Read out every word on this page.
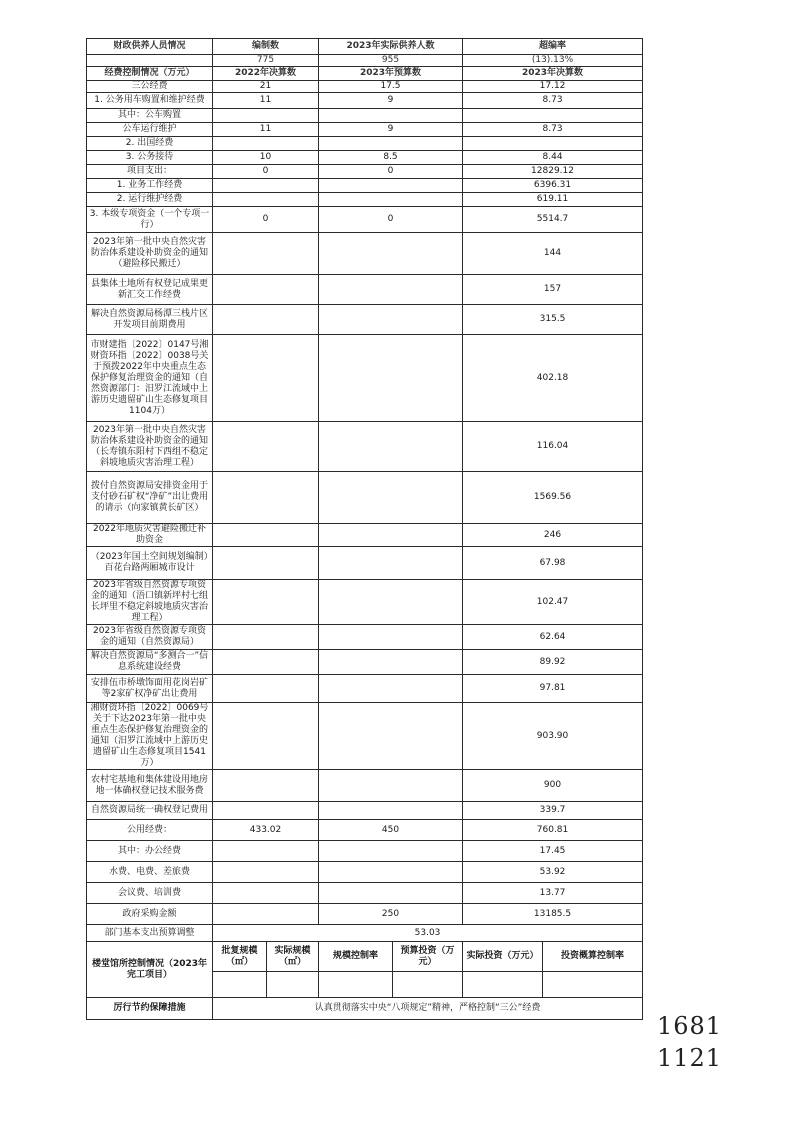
财政供养人员情况	编制数		2023年实际供养人数		超编率	
	775		955		(13).13%	
经费控制情况（万元）	2022年决算数		2023年预算数		2023年决算数	
三公经费	21		17.5		17.12	
1. 公务用车购置和维护经费	11		9		8.73	
其中：公车购置						
公车运行维护	11		9		8.73	
2. 出国经费						
3. 公务接待	10		8.5		8.44	
项目支出：	0		0		12829.12	
1. 业务工作经费					6396.31	
2. 运行维护经费					619.11	
3. 本级专项资金（一个专项一行）	0		0		5514.7	
2023年第一批中央自然灾害防治体系建设补助资金的通知（避险移民搬迁）					144	
县集体土地所有权登记成果更新汇交工作经费					157	
解决自然资源局杨潭三栈片区开发项目前期费用					315.5	
市财建指〔2022〕0147号湘财资环指〔2022〕0038号关于预拨2022年中央重点生态保护修复治理资金的通知（自然资源部门：汨罗江流域中上游历史遗留矿山生态修复项目1104万）					402.18	
2023年第一批中央自然灾害防治体系建设补助资金的通知（长寿镇东阳村下西组不稳定斜坡地质灾害治理工程）					116.04	
拨付自然资源局安排资金用于支付砂石矿权“净矿”出让费用的请示（向家镇黄长矿区）					1569.56	
2022年地质灾害避险搬迁补助资金					246	
（2023年国土空间规划编制）百花台路两厢城市设计					67.98	
2023年省级自然资源专项资金的通知（浯口镇新坪村七组长坪里不稳定斜坡地质灾害治理工程）					102.47	
2023年省级自然资源专项资金的通知（自然资源局）					62.64	
解决自然资源局“多测合一”信息系统建设经费					89.92	
安排伍市桥墩饰面用花岗岩矿等2家矿权净矿出让费用					97.81	
湘财资环指〔2022〕0069号关于下达2023年第一批中央重点生态保护修复治理资金的通知（汨罗江流域中上游历史遗留矿山生态修复项目1541万）					903.90	
农村宅基地和集体建设用地房地一体确权登记技术服务费					900	
自然资源局统一确权登记费用					339.7	
公用经费：	433.02		450		760.81	
其中：办公经费					17.45	
水费、电费、差旅费					53.92	
会议费、培训费					13.77	
政府采购金额			250		13185.5	
部门基本支出预算调整	53.03					
楼堂馆所控制情况（2023年完工项目）	批复规模（㎡）	实际规模（㎡）	规模控制率	预算投资（万元）	实际投资（万元）	投资概算控制率

厉行节约保障措施	认真贯彻落实中央“八项规定”精神，严格控制“三公”经费					
1681
1121
